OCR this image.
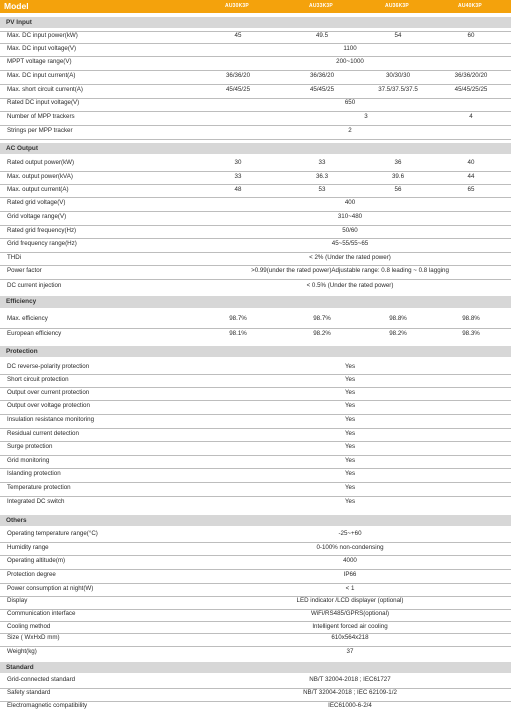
Model	AU30K3P	AU33K3P	AU36K3P	AU40K3P
PV Input
Max. DC input power(kW)	45	49.5	54	60
Max. DC input voltage(V)	1100
MPPT voltage range(V)	200~1000
Max. DC input current(A)	36/36/20	36/36/20	30/30/30	36/36/20/20
Max. short circuit current(A)	45/45/25	45/45/25	37.5/37.5/37.5	45/45/25/25
Rated DC input voltage(V)	650
Number of MPP trackers	3	4
Strings per MPP tracker	2
AC Output
Rated output power(kW)	30	33	36	40
Max. output power(kVA)	33	36.3	39.6	44
Max. output current(A)	48	53	56	65
Rated grid voltage(V)	400
Grid voltage range(V)	310~480
Rated grid frequency(Hz)	50/60
Grid frequency range(Hz)	45~55/55~65
THDi	< 2% (Under the rated power)
Power factor	>0.99(under the rated power)Adjustable range: 0.8 leading ~ 0.8 lagging
DC current injection	< 0.5% (Under the rated power)
Efficiency
Max. efficiency	98.7%	98.7%	98.8%	98.8%
European efficiency	98.1%	98.2%	98.2%	98.3%
Protection
DC reverse-polarity protection	Yes
Short circuit protection	Yes
Output over current protection	Yes
Output over voltage protection	Yes
Insulation resistance monitoring	Yes
Residual current detection	Yes
Surge protection	Yes
Grid monitoring	Yes
Islanding protection	Yes
Temperature protection	Yes
Integrated DC switch	Yes
Others
Operating temperature range(°C)	-25~+60
Humidity range	0-100% non-condensing
Operating altitude(m)	4000
Protection degree	IP66
Power consumption at night(W)	< 1
Display	LED indicator /LCD displayer (optional)
Communication interface	WiFi/RS485/GPRS(optional)
Cooling method	Intelligent forced air cooling
Size ( WxHxD mm)	610x564x218
Weight(kg)	37
Standard
Grid-connected standard	NB/T 32004-2018 ; IEC61727
Safety standard	NB/T 32004-2018 ; IEC 62109-1/2
Electromagnetic compatibility	IEC61000-6-2/4
